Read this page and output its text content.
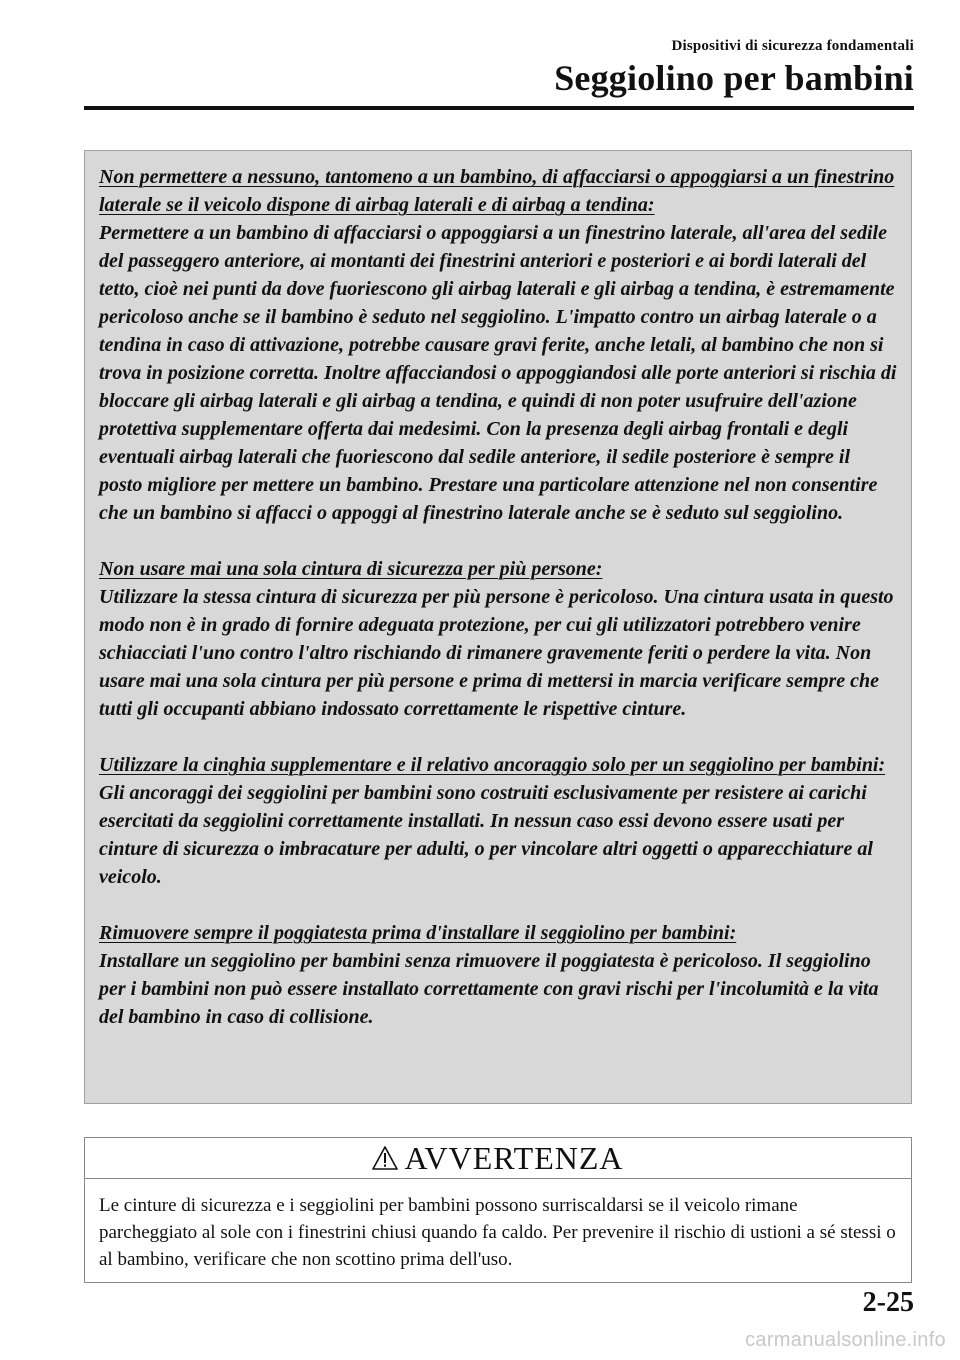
Dispositivi di sicurezza fondamentali
Seggiolino per bambini
Non permettere a nessuno, tantomeno a un bambino, di affacciarsi o appoggiarsi a un finestrino laterale se il veicolo dispone di airbag laterali e di airbag a tendina:
Permettere a un bambino di affacciarsi o appoggiarsi a un finestrino laterale, all'area del sedile del passeggero anteriore, ai montanti dei finestrini anteriori e posteriori e ai bordi laterali del tetto, cioè nei punti da dove fuoriescono gli airbag laterali e gli airbag a tendina, è estremamente pericoloso anche se il bambino è seduto nel seggiolino. L'impatto contro un airbag laterale o a tendina in caso di attivazione, potrebbe causare gravi ferite, anche letali, al bambino che non si trova in posizione corretta. Inoltre affacciandosi o appoggiandosi alle porte anteriori si rischia di bloccare gli airbag laterali e gli airbag a tendina, e quindi di non poter usufruire dell'azione protettiva supplementare offerta dai medesimi. Con la presenza degli airbag frontali e degli eventuali airbag laterali che fuoriescono dal sedile anteriore, il sedile posteriore è sempre il posto migliore per mettere un bambino. Prestare una particolare attenzione nel non consentire che un bambino si affacci o appoggi al finestrino laterale anche se è seduto sul seggiolino.
Non usare mai una sola cintura di sicurezza per più persone:
Utilizzare la stessa cintura di sicurezza per più persone è pericoloso. Una cintura usata in questo modo non è in grado di fornire adeguata protezione, per cui gli utilizzatori potrebbero venire schiacciati l'uno contro l'altro rischiando di rimanere gravemente feriti o perdere la vita. Non usare mai una sola cintura per più persone e prima di mettersi in marcia verificare sempre che tutti gli occupanti abbiano indossato correttamente le rispettive cinture.
Utilizzare la cinghia supplementare e il relativo ancoraggio solo per un seggiolino per bambini:
Gli ancoraggi dei seggiolini per bambini sono costruiti esclusivamente per resistere ai carichi esercitati da seggiolini correttamente installati. In nessun caso essi devono essere usati per cinture di sicurezza o imbracature per adulti, o per vincolare altri oggetti o apparecchiature al veicolo.
Rimuovere sempre il poggiatesta prima d'installare il seggiolino per bambini:
Installare un seggiolino per bambini senza rimuovere il poggiatesta è pericoloso. Il seggiolino per i bambini non può essere installato correttamente con gravi rischi per l'incolumità e la vita del bambino in caso di collisione.
AVVERTENZA
Le cinture di sicurezza e i seggiolini per bambini possono surriscaldarsi se il veicolo rimane parcheggiato al sole con i finestrini chiusi quando fa caldo. Per prevenire il rischio di ustioni a sé stessi o al bambino, verificare che non scottino prima dell'uso.
2-25
carmanualsonline.info
